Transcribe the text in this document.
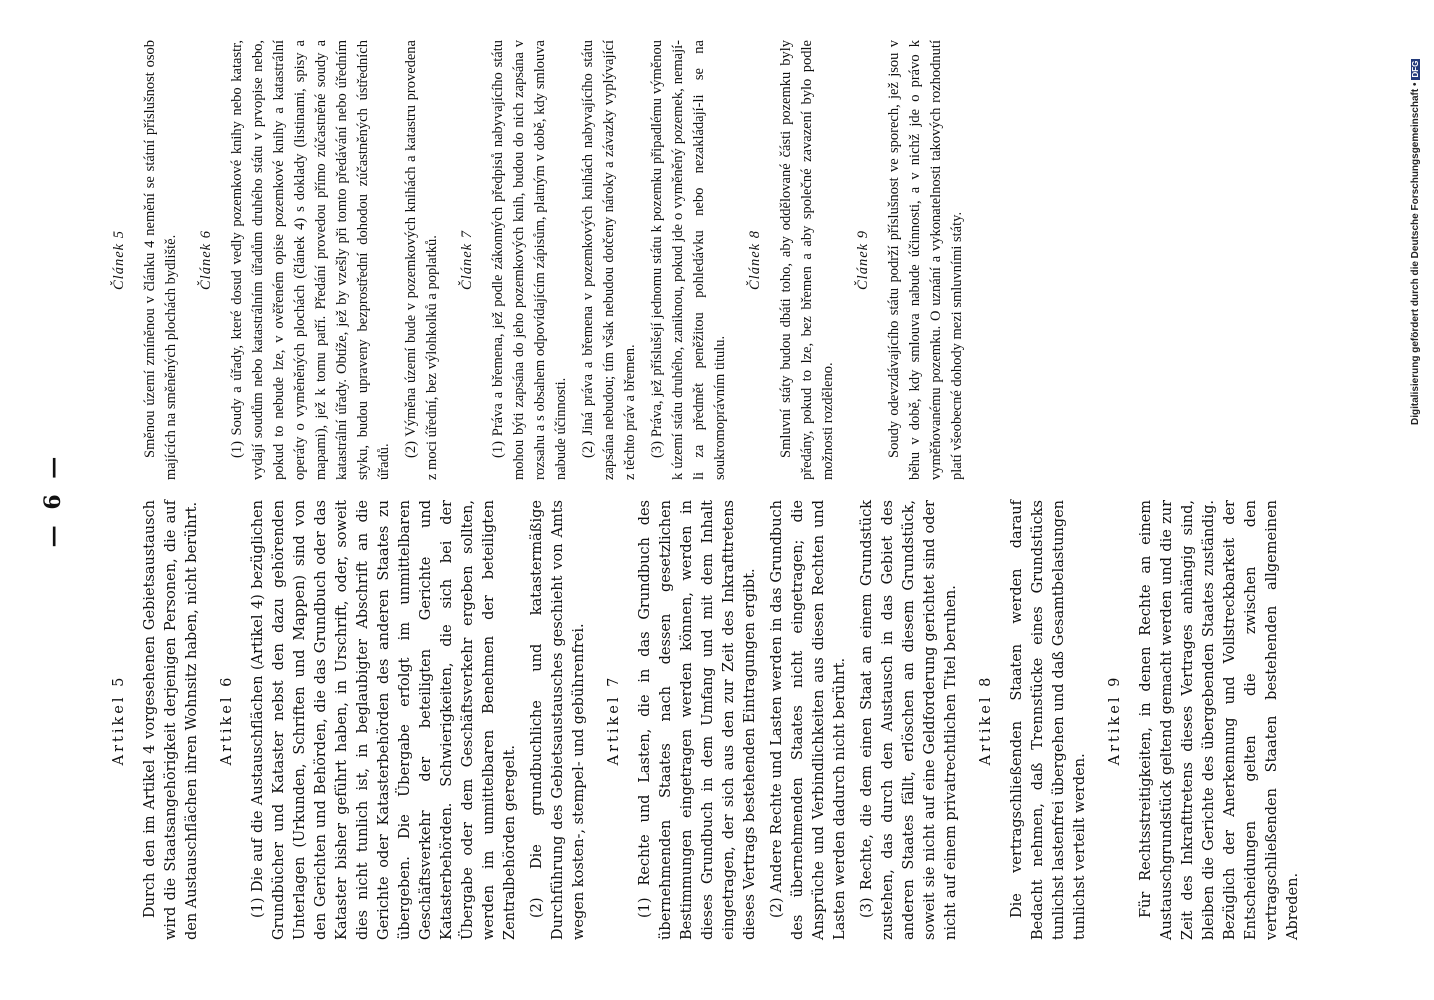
— 6 —
Artikel 5 Durch den im Artikel 4 vorgesehenen Gebietsaustausch wird die Staatsangehörigkeit derjenigen Personen, die auf den Austauschflächen ihren Wohnsitz haben, nicht berührt. Artikel 6 (1) Die auf die Austauschflächen (Artikel 4) bezüglichen Grundbücher und Kataster nebst den dazu gehörenden Unterlagen (Urkunden, Schriften und Mappen) sind von den Gerichten und Behörden, die das Grundbuch oder das Kataster bisher geführt haben, in Urschrift, oder, soweit dies nicht tunlich ist, in beglaubigter Abschrift an die Gerichte oder Katasterbehörden des anderen Staates zu übergeben. Die Übergabe erfolgt im unmittelbaren Geschäftsverkehr der beteiligten Gerichte und Katasterbehörden. Schwierigkeiten, die sich bei der Übergabe oder dem Geschäftsverkehr ergeben sollten, werden im unmittelbaren Benehmen der beteiligten Zentralbehörden geregelt. (2) Die grundbuchliche und katastermäßige Durchführung des Gebietsaustausches geschieht von Amts wegen kosten-, stempel- und gebührenfrei. Artikel 7 (1) Rechte und Lasten, die in das Grundbuch des übernehmenden Staates nach dessen gesetzlichen Bestimmungen eingetragen werden können, werden in dieses Grundbuch in dem Umfang und mit dem Inhalt eingetragen, der sich aus den zur Zeit des Inkrafttretens dieses Vertrags bestehenden Eintragungen ergibt. (2) Andere Rechte und Lasten werden in das Grundbuch des übernehmenden Staates nicht eingetragen; die Ansprüche und Verbindlichkeiten aus diesen Rechten und Lasten werden dadurch nicht berührt. (3) Rechte, die dem einen Staat an einem Grundstück zustehen, das durch den Austausch in das Gebiet des anderen Staates fällt, erlöschen an diesem Grundstück, soweit sie nicht auf eine Geldforderung gerichtet sind oder nicht auf einem privatrechtlichen Titel beruhen. Artikel 8 Die vertragschließenden Staaten werden darauf Bedacht nehmen, daß Trennstücke eines Grundstücks tunlichst lastenfrei übergehen und daß Gesamtbelastungen tunlichst verteilt werden.

Artikel 9 Für Rechtsstreitigkeiten, in denen Rechte an einem Austauschgrundstück geltend gemacht werden und die zur Zeit des Inkrafttretens dieses Vertrages anhängig sind, bleiben die Gerichte des übergebenden Staates zuständig. Bezüglich der Anerkennung und Vollstreckbarkeit der Entscheidungen gelten die zwischen den vertragschließenden Staaten bestehenden allgemeinen Abreden.

Článek 5 Směnou území zmíněnou v článku 4 nemění se státní příslušnost osob majících na směněných plochách bydliště. Článek 6 (1) Soudy a úřady, které dosud vedly pozemkové knihy nebo katastr, vydají soudům nebo katastrálním úřadům druhého státu v prvopise nebo, pokud to nebude lze, v ověřeném opise pozemkové knihy a katastrální operáty o vyměněných plochách (článek 4) s doklady (listinami, spisy a mapami), jež k tomu patří. Předání provedou přímo zúčastněné soudy a katastrální úřady. Obtíže, jež by vzešly při tomto předávání nebo úředním styku, budou upraveny bezprostřední dohodou zúčastněných ústředních úřadů.

(2) Výměna území bude v pozemkových knihách a katastru provedena z moci úřední, bez výlohkolků a poplatků. Článek 7 (1) Práva a břemena, jež podle zákonných předpisů nabyvajícího státu mohou býti zapsána do jeho pozemkových knih, budou do nich zapsána v rozsahu a s obsahem odpovídajícím zápisům, platným v době, kdy smlouva nabude účinnosti. (2) Jiná práva a břemena v pozemkových knihách nabyvajícího státu zapsána nebudou; tím však nebudou dotčeny nároky a závazky vyplývající z těchto práv a břemen. (3) Práva, jež příslušejí jednomu státu k pozemku připadlému výměnou k území státu druhého, zaniknou, pokud jde o vyměněný pozemek, nemají-li za předmět peněžitou pohledávku nebo nezakládají-li se na soukromoprávním titulu.

Článek 8 Smluvní státy budou dbáti toho, aby oddělované části pozemku byly předány, pokud to lze, bez břemen a aby společné zavazení bylo podle možnosti rozděleno.

Článek 9 Soudy odevzdávajícího státu podrží příslušnost ve sporech, jež jsou v běhu v době, kdy smlouva nabude účinnosti, a v nichž jde o právo k vyměňovanému pozemku. O uznání a vykonatelnosti takových rozhodnutí platí všeobecné dohody mezi smluvními státy.	Digitalisierung gefördert durch die Deutsche Forschungsgemeinschaft •DFG
